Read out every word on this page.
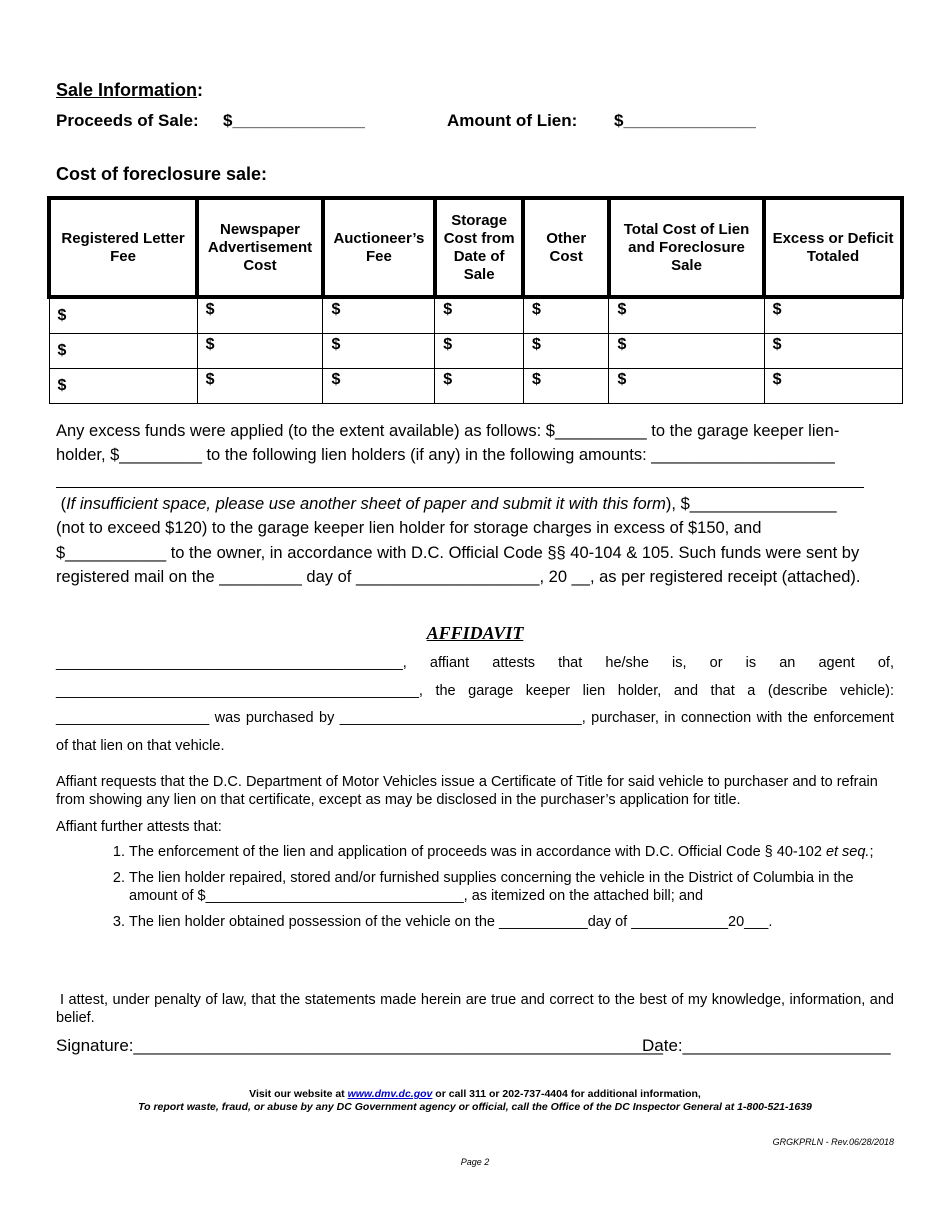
Sale Information:
Proceeds of Sale: $______________	Amount of Lien: $______________
Cost of foreclosure sale:
Registered Letter Fee	Newspaper Advertisement Cost	Auctioneer’s Fee	Storage Cost from Date of Sale	Other Cost	Total Cost of Lien and Foreclosure Sale	Excess or Deficit Totaled
$	$	$	$	$	$	$
$	$	$	$	$	$	$
$	$	$	$	$	$	$
Any excess funds were applied (to the extent available) as follows: $__________ to the garage keeper lien-
holder, $_________ to the following lien holders (if any) in the following amounts: ____________________
(If insufficient space, please use another sheet of paper and submit it with this form), $________________
(not to exceed $120) to the garage keeper lien holder for storage charges in excess of $150, and
$___________ to the owner, in accordance with D.C. Official Code §§ 40-104 & 105. Such funds were sent by
registered mail on the _________ day of ____________________, 20 __, as per registered receipt (attached).
AFFIDAVIT
___________________________________________, affiant attests that he/she is, or is an agent of, _____________________________________________, the garage keeper lien holder, and that a (describe vehicle): ___________________ was purchased by ______________________________, purchaser, in connection with the enforcement of that lien on that vehicle.
Affiant requests that the D.C. Department of Motor Vehicles issue a Certificate of Title for said vehicle to purchaser and to refrain from showing any lien on that certificate, except as may be disclosed in the purchaser’s application for title.
Affiant further attests that:
1. The enforcement of the lien and application of proceeds was in accordance with D.C. Official Code § 40-102 et seq.;
2. The lien holder repaired, stored and/or furnished supplies concerning the vehicle in the District of Columbia in the amount of $________________________________, as itemized on the attached bill; and
3. The lien holder obtained possession of the vehicle on the ___________day of ____________20___.
I attest, under penalty of law, that the statements made herein are true and correct to the best of my knowledge, information, and belief.
Signature:________________________________________________________
Date:______________________
Visit our website at www.dmv.dc.gov or call 311 or 202-737-4404 for additional information,
To report waste, fraud, or abuse by any DC Government agency or official, call the Office of the DC Inspector General at 1-800-521-1639
GRGKPRLN - Rev.06/28/2018
Page 2
